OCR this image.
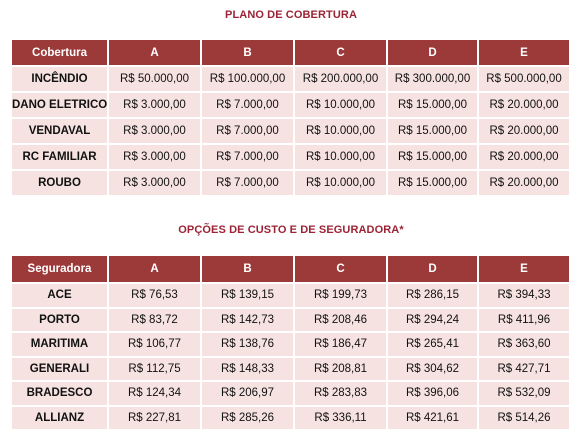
PLANO DE COBERTURA
Cobertura	A	B	C	D	E
INCÊNDIO	R$ 50.000,00	R$ 100.000,00	R$ 200.000,00	R$ 300.000,00	R$ 500.000,00
DANO ELETRICO	R$ 3.000,00	R$ 7.000,00	R$ 10.000,00	R$ 15.000,00	R$ 20.000,00
VENDAVAL	R$ 3.000,00	R$ 7.000,00	R$ 10.000,00	R$ 15.000,00	R$ 20.000,00
RC FAMILIAR	R$ 3.000,00	R$ 7.000,00	R$ 10.000,00	R$ 15.000,00	R$ 20.000,00
ROUBO	R$ 3.000,00	R$ 7.000,00	R$ 10.000,00	R$ 15.000,00	R$ 20.000,00
OPÇÕES DE CUSTO E DE SEGURADORA*
Seguradora	A	B	C	D	E
ACE	R$ 76,53	R$ 139,15	R$ 199,73	R$ 286,15	R$ 394,33
PORTO	R$ 83,72	R$ 142,73	R$ 208,46	R$ 294,24	R$ 411,96
MARITIMA	R$ 106,77	R$ 138,76	R$ 186,47	R$ 265,41	R$ 363,60
GENERALI	R$ 112,75	R$ 148,33	R$ 208,81	R$ 304,62	R$ 427,71
BRADESCO	R$ 124,34	R$ 206,97	R$ 283,83	R$ 396,06	R$ 532,09
ALLIANZ	R$ 227,81	R$ 285,26	R$ 336,11	R$ 421,61	R$ 514,26
